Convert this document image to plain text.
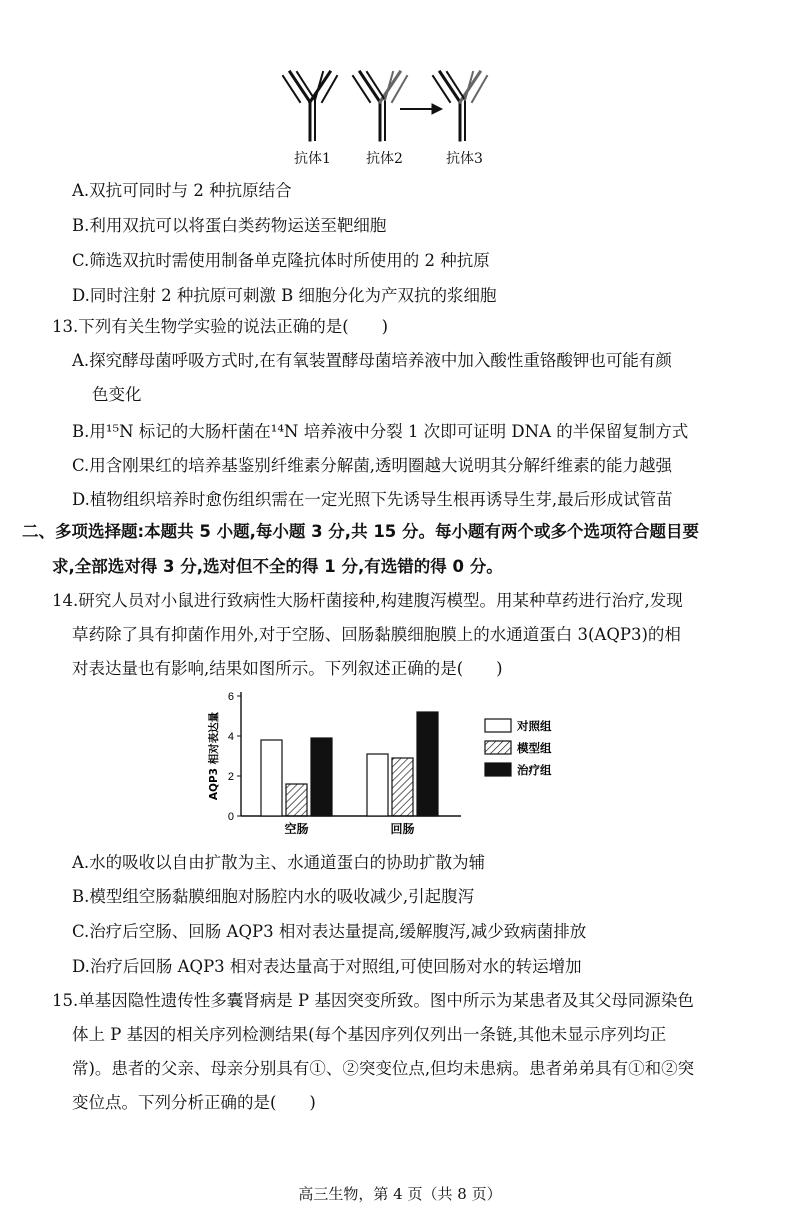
抗体1	抗体2	抗体3
A.双抗可同时与 2 种抗原结合
B.利用双抗可以将蛋白类药物运送至靶细胞
C.筛选双抗时需使用制备单克隆抗体时所使用的 2 种抗原
D.同时注射 2 种抗原可刺激 B 细胞分化为产双抗的浆细胞
13.下列有关生物学实验的说法正确的是(　　)
A.探究酵母菌呼吸方式时,在有氧装置酵母菌培养液中加入酸性重铬酸钾也可能有颜
色变化
B.用¹⁵N 标记的大肠杆菌在¹⁴N 培养液中分裂 1 次即可证明 DNA 的半保留复制方式
C.用含刚果红的培养基鉴别纤维素分解菌,透明圈越大说明其分解纤维素的能力越强
D.植物组织培养时愈伤组织需在一定光照下先诱导生根再诱导生芽,最后形成试管苗
二、多项选择题:本题共 5 小题,每小题 3 分,共 15 分。每小题有两个或多个选项符合题目要
求,全部选对得 3 分,选对但不全的得 1 分,有选错的得 0 分。
14.研究人员对小鼠进行致病性大肠杆菌接种,构建腹泻模型。用某种草药进行治疗,发现
草药除了具有抑菌作用外,对于空肠、回肠黏膜细胞膜上的水通道蛋白 3(AQP3)的相
对表达量也有影响,结果如图所示。下列叙述正确的是(　　)
0
2
4
6
AQP3 相对表达量
空肠	回肠
对照组
模型组
治疗组
A.水的吸收以自由扩散为主、水通道蛋白的协助扩散为辅
B.模型组空肠黏膜细胞对肠腔内水的吸收减少,引起腹泻
C.治疗后空肠、回肠 AQP3 相对表达量提高,缓解腹泻,减少致病菌排放
D.治疗后回肠 AQP3 相对表达量高于对照组,可使回肠对水的转运增加
15.单基因隐性遗传性多囊肾病是 P 基因突变所致。图中所示为某患者及其父母同源染色
体上 P 基因的相关序列检测结果(每个基因序列仅列出一条链,其他未显示序列均正
常)。患者的父亲、母亲分别具有①、②突变位点,但均未患病。患者弟弟具有①和②突
变位点。下列分析正确的是(　　)
高三生物，第 4 页（共 8 页）
